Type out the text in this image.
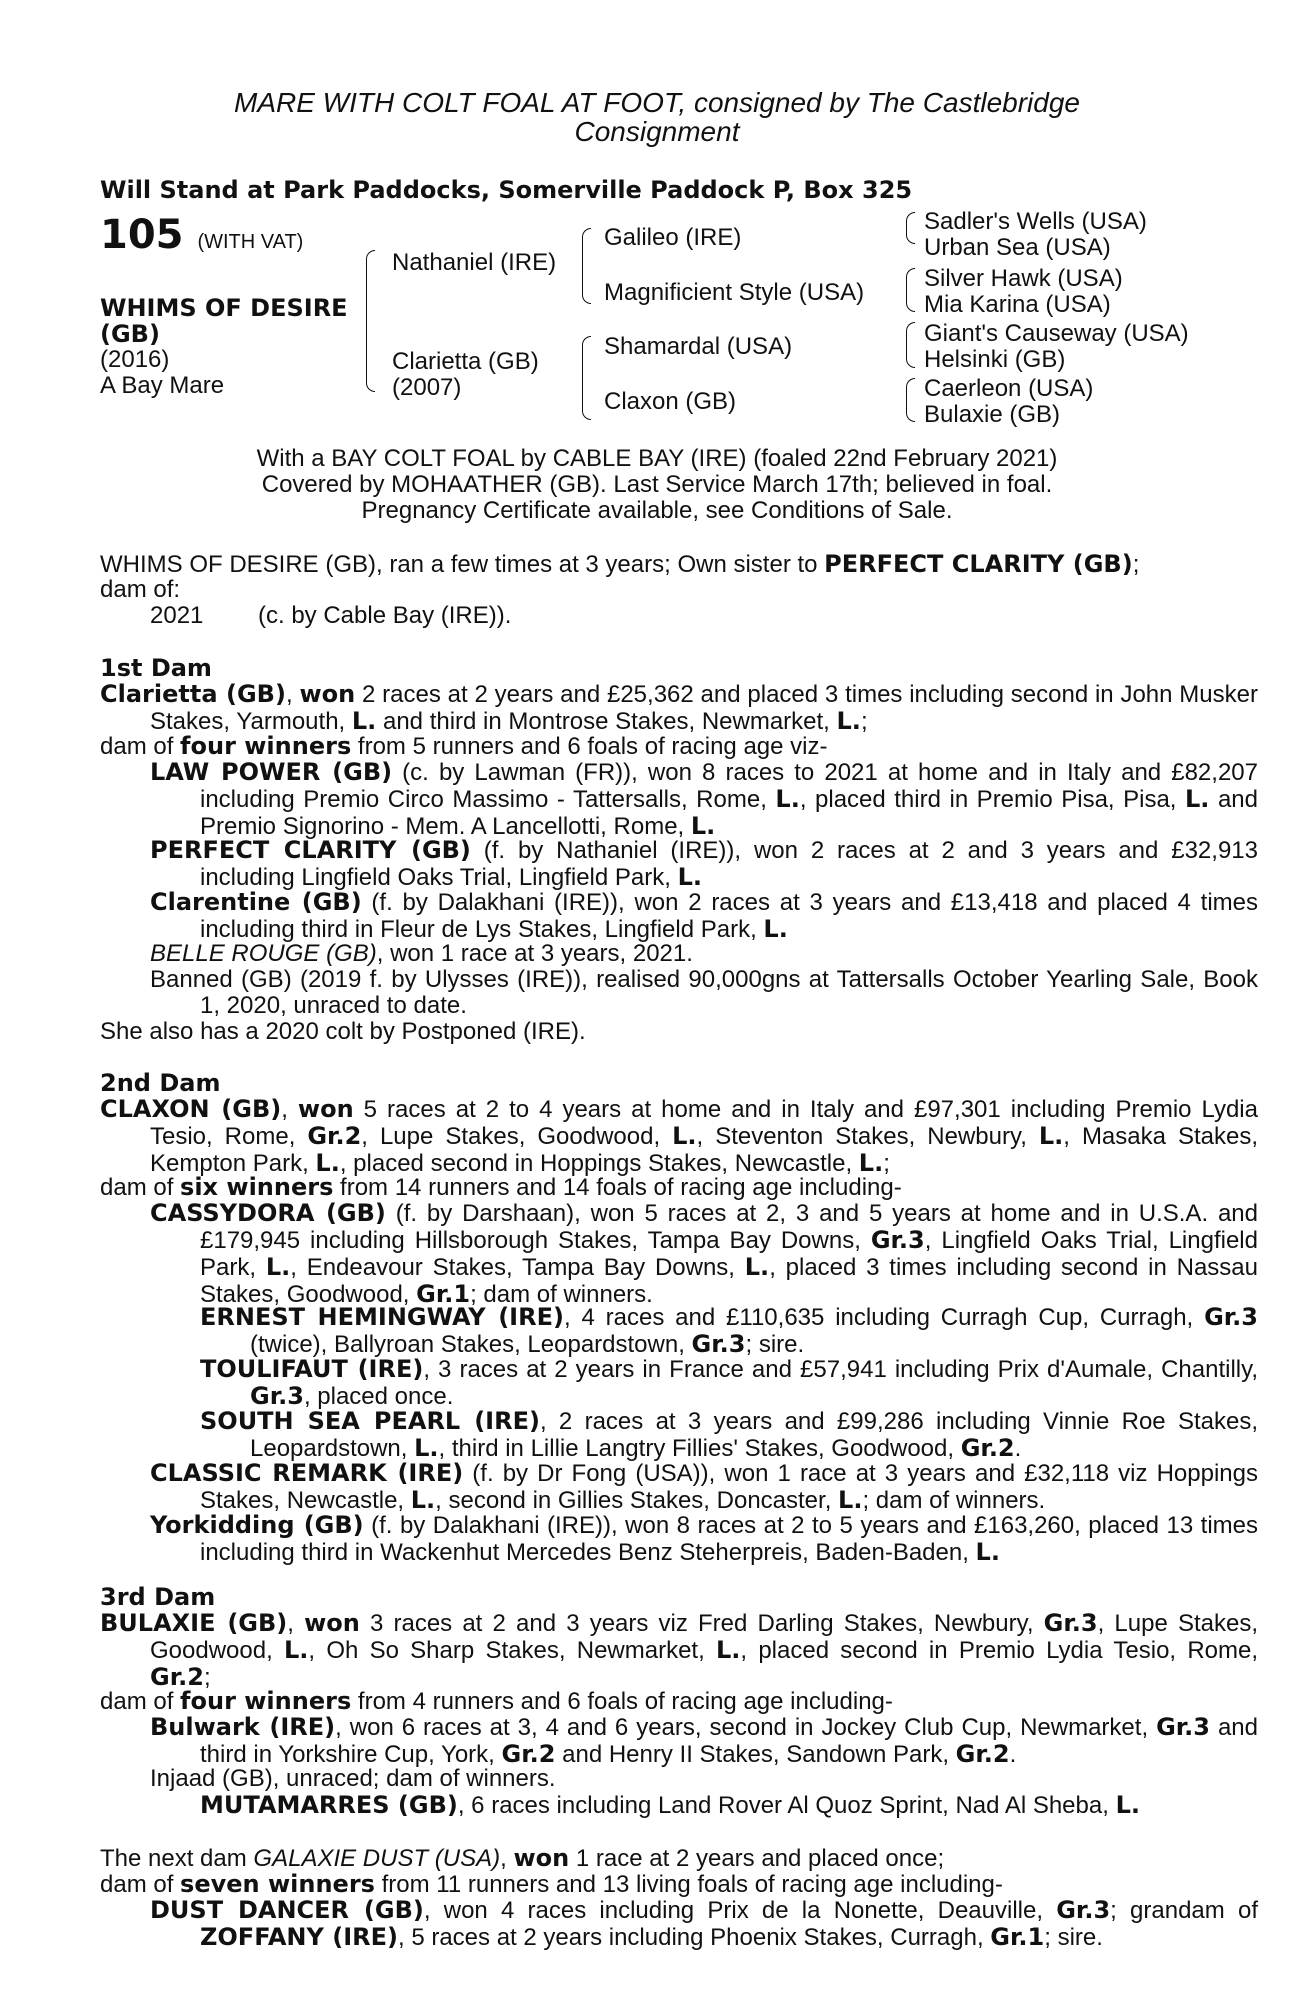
MARE WITH COLT FOAL AT FOOT, consigned by The Castlebridge Consignment
Will Stand at Park Paddocks, Somerville Paddock P, Box 325
105 (WITH VAT)
WHIMS OF DESIRE
(GB)
(2016)
A Bay Mare
Nathaniel (IRE)
Clarietta (GB)
(2007)
Galileo (IRE)
Magnificient Style (USA)
Shamardal (USA)
Claxon (GB)
Sadler's Wells (USA)
Urban Sea (USA)
Silver Hawk (USA)
Mia Karina (USA)
Giant's Causeway (USA)
Helsinki (GB)
Caerleon (USA)
Bulaxie (GB)
With a BAY COLT FOAL by CABLE BAY (IRE) (foaled 22nd February 2021)
Covered by MOHAATHER (GB). Last Service March 17th; believed in foal.
Pregnancy Certificate available, see Conditions of Sale.
WHIMS OF DESIRE (GB), ran a few times at 3 years; Own sister to PERFECT CLARITY (GB);
dam of:
2021 (c. by Cable Bay (IRE)).
1st Dam
Clarietta (GB), won 2 races at 2 years and £25,362 and placed 3 times including second in John Musker Stakes, Yarmouth, L. and third in Montrose Stakes, Newmarket, L.;
dam of four winners from 5 runners and 6 foals of racing age viz-
LAW POWER (GB) (c. by Lawman (FR)), won 8 races to 2021 at home and in Italy and £82,207 including Premio Circo Massimo - Tattersalls, Rome, L., placed third in Premio Pisa, Pisa, L. and Premio Signorino - Mem. A Lancellotti, Rome, L.
PERFECT CLARITY (GB) (f. by Nathaniel (IRE)), won 2 races at 2 and 3 years and £32,913 including Lingfield Oaks Trial, Lingfield Park, L.
Clarentine (GB) (f. by Dalakhani (IRE)), won 2 races at 3 years and £13,418 and placed 4 times including third in Fleur de Lys Stakes, Lingfield Park, L.
BELLE ROUGE (GB), won 1 race at 3 years, 2021.
Banned (GB) (2019 f. by Ulysses (IRE)), realised 90,000gns at Tattersalls October Yearling Sale, Book 1, 2020, unraced to date.
She also has a 2020 colt by Postponed (IRE).
2nd Dam
CLAXON (GB), won 5 races at 2 to 4 years at home and in Italy and £97,301 including Premio Lydia Tesio, Rome, Gr.2, Lupe Stakes, Goodwood, L., Steventon Stakes, Newbury, L., Masaka Stakes, Kempton Park, L., placed second in Hoppings Stakes, Newcastle, L.;
dam of six winners from 14 runners and 14 foals of racing age including-
CASSYDORA (GB) (f. by Darshaan), won 5 races at 2, 3 and 5 years at home and in U.S.A. and £179,945 including Hillsborough Stakes, Tampa Bay Downs, Gr.3, Lingfield Oaks Trial, Lingfield Park, L., Endeavour Stakes, Tampa Bay Downs, L., placed 3 times including second in Nassau Stakes, Goodwood, Gr.1; dam of winners.
ERNEST HEMINGWAY (IRE), 4 races and £110,635 including Curragh Cup, Curragh, Gr.3 (twice), Ballyroan Stakes, Leopardstown, Gr.3; sire.
TOULIFAUT (IRE), 3 races at 2 years in France and £57,941 including Prix d'Aumale, Chantilly, Gr.3, placed once.
SOUTH SEA PEARL (IRE), 2 races at 3 years and £99,286 including Vinnie Roe Stakes, Leopardstown, L., third in Lillie Langtry Fillies' Stakes, Goodwood, Gr.2.
CLASSIC REMARK (IRE) (f. by Dr Fong (USA)), won 1 race at 3 years and £32,118 viz Hoppings Stakes, Newcastle, L., second in Gillies Stakes, Doncaster, L.; dam of winners.
Yorkidding (GB) (f. by Dalakhani (IRE)), won 8 races at 2 to 5 years and £163,260, placed 13 times including third in Wackenhut Mercedes Benz Steherpreis, Baden-Baden, L.
3rd Dam
BULAXIE (GB), won 3 races at 2 and 3 years viz Fred Darling Stakes, Newbury, Gr.3, Lupe Stakes, Goodwood, L., Oh So Sharp Stakes, Newmarket, L., placed second in Premio Lydia Tesio, Rome, Gr.2;
dam of four winners from 4 runners and 6 foals of racing age including-
Bulwark (IRE), won 6 races at 3, 4 and 6 years, second in Jockey Club Cup, Newmarket, Gr.3 and third in Yorkshire Cup, York, Gr.2 and Henry II Stakes, Sandown Park, Gr.2.
Injaad (GB), unraced; dam of winners.
MUTAMARRES (GB), 6 races including Land Rover Al Quoz Sprint, Nad Al Sheba, L.
The next dam GALAXIE DUST (USA), won 1 race at 2 years and placed once;
dam of seven winners from 11 runners and 13 living foals of racing age including-
DUST DANCER (GB), won 4 races including Prix de la Nonette, Deauville, Gr.3; grandam of ZOFFANY (IRE), 5 races at 2 years including Phoenix Stakes, Curragh, Gr.1; sire.
